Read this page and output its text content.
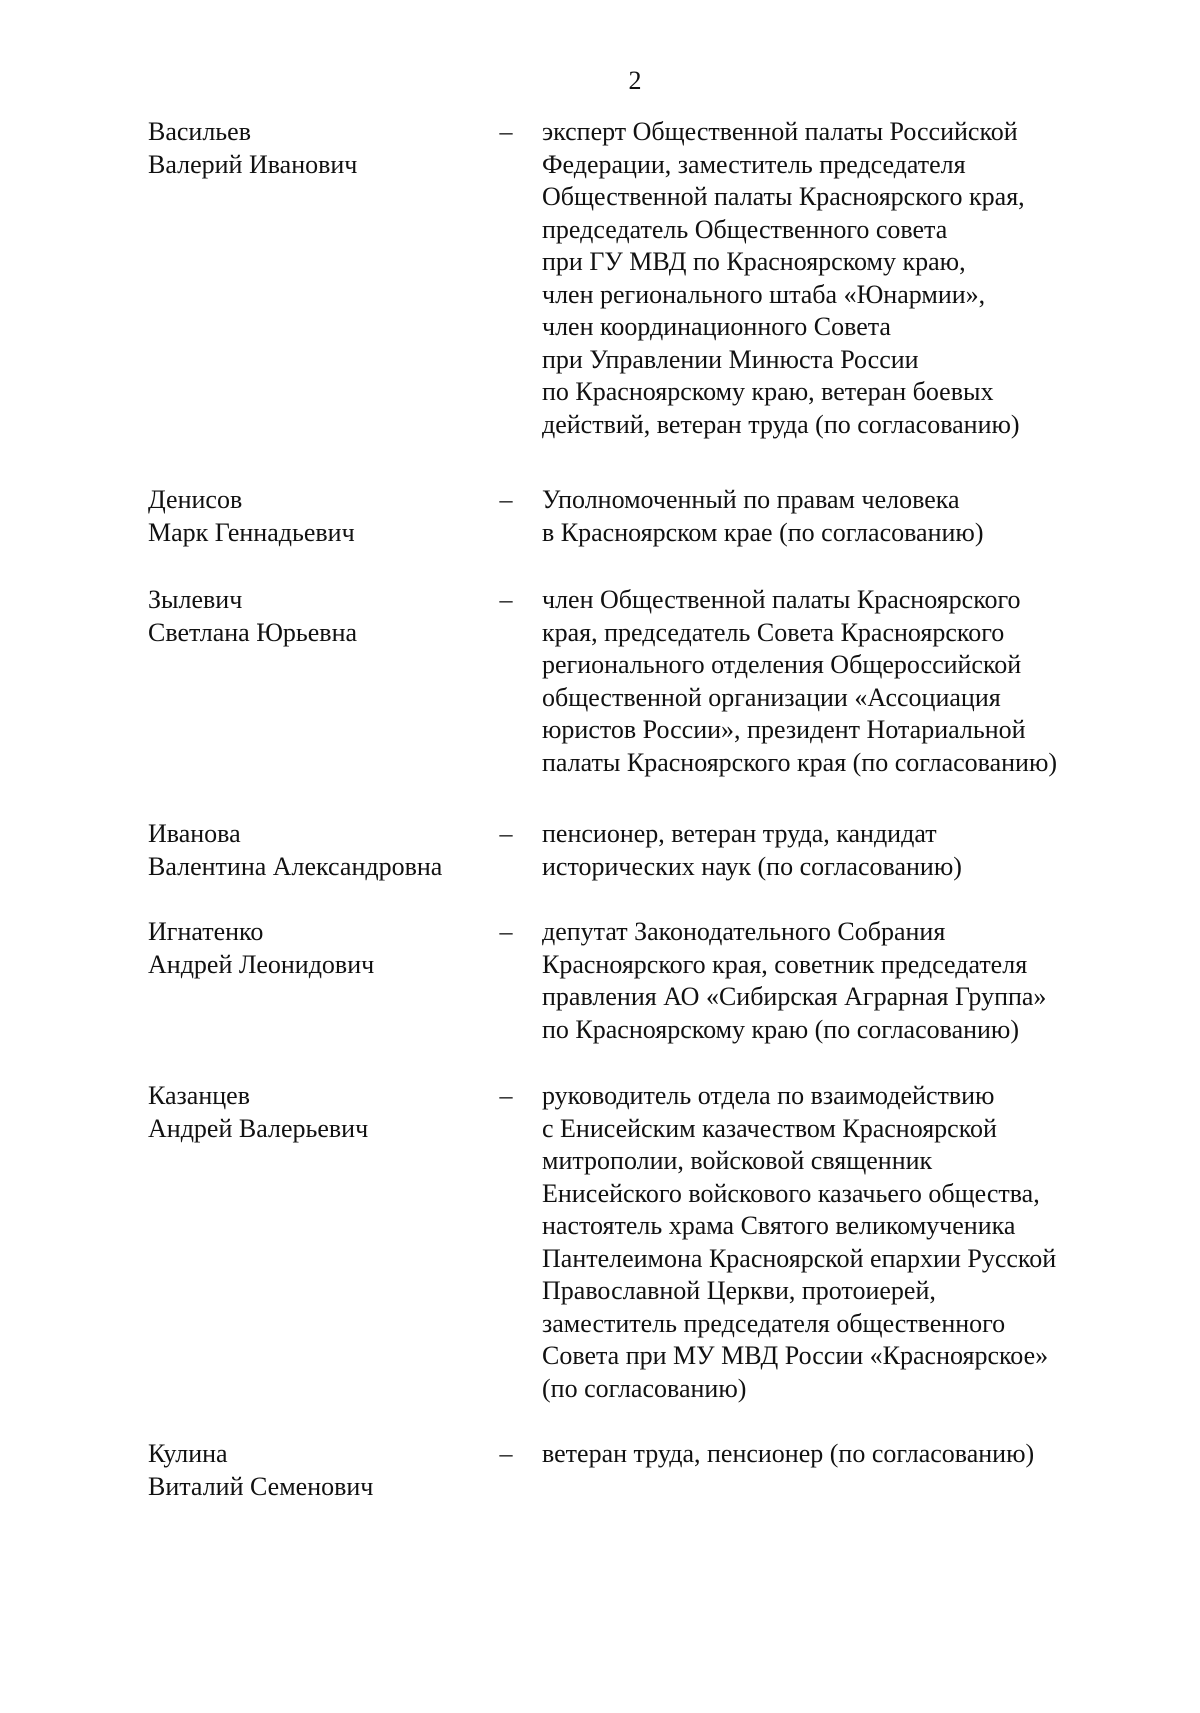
2
Васильев
Валерий Иванович
–	эксперт Общественной палаты Российской
Федерации, заместитель председателя
Общественной палаты Красноярского края,
председатель Общественного совета
при ГУ МВД по Красноярскому краю,
член регионального штаба «Юнармии»,
член координационного Совета
при Управлении Минюста России
по Красноярскому краю, ветеран боевых
действий, ветеран труда (по согласованию)
Денисов
Марк Геннадьевич
–	Уполномоченный по правам человека
в Красноярском крае (по согласованию)
Зылевич
Светлана Юрьевна
–	член Общественной палаты Красноярского
края, председатель Совета Красноярского
регионального отделения Общероссийской
общественной организации «Ассоциация
юристов России», президент Нотариальной
палаты Красноярского края (по согласованию)
Иванова
Валентина Александровна
–	пенсионер, ветеран труда, кандидат
исторических наук (по согласованию)
Игнатенко
Андрей Леонидович
–	депутат Законодательного Собрания
Красноярского края, советник председателя
правления АО «Сибирская Аграрная Группа»
по Красноярскому краю (по согласованию)
Казанцев
Андрей Валерьевич
–	руководитель отдела по взаимодействию
с Енисейским казачеством Красноярской
митрополии, войсковой священник
Енисейского войскового казачьего общества,
настоятель храма Святого великомученика
Пантелеимона Красноярской епархии Русской
Православной Церкви, протоиерей,
заместитель председателя общественного
Совета при МУ МВД России «Красноярское»
(по согласованию)
Кулина
Виталий Семенович
–	ветеран труда, пенсионер (по согласованию)
